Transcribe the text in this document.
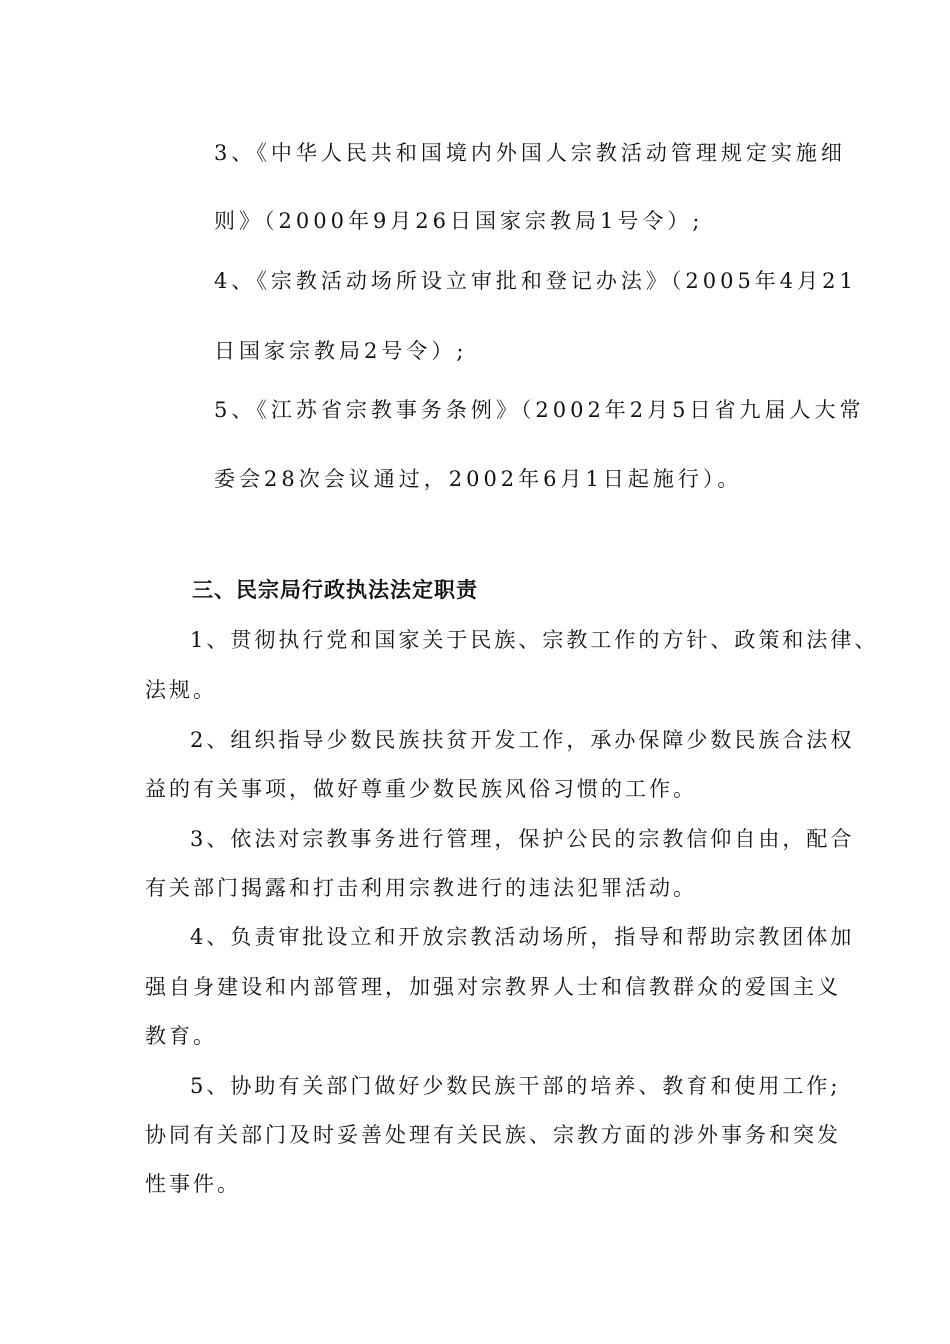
3、《中华人民共和国境内外国人宗教活动管理规定实施细
则》（2000年9月26日国家宗教局1号令）;
4、《宗教活动场所设立审批和登记办法》（2005年4月21
日国家宗教局2号令）;
5、《江苏省宗教事务条例》（2002年2月5日省九届人大常
委会28次会议通过，2002年6月1日起施行）。
三、民宗局行政执法法定职责
1、贯彻执行党和国家关于民族、宗教工作的方针、政策和法律、
法规。
2、组织指导少数民族扶贫开发工作，承办保障少数民族合法权
益的有关事项，做好尊重少数民族风俗习惯的工作。
3、依法对宗教事务进行管理，保护公民的宗教信仰自由，配合
有关部门揭露和打击利用宗教进行的违法犯罪活动。
4、负责审批设立和开放宗教活动场所，指导和帮助宗教团体加
强自身建设和内部管理，加强对宗教界人士和信教群众的爱国主义
教育。
5、协助有关部门做好少数民族干部的培养、教育和使用工作;
协同有关部门及时妥善处理有关民族、宗教方面的涉外事务和突发
性事件。
